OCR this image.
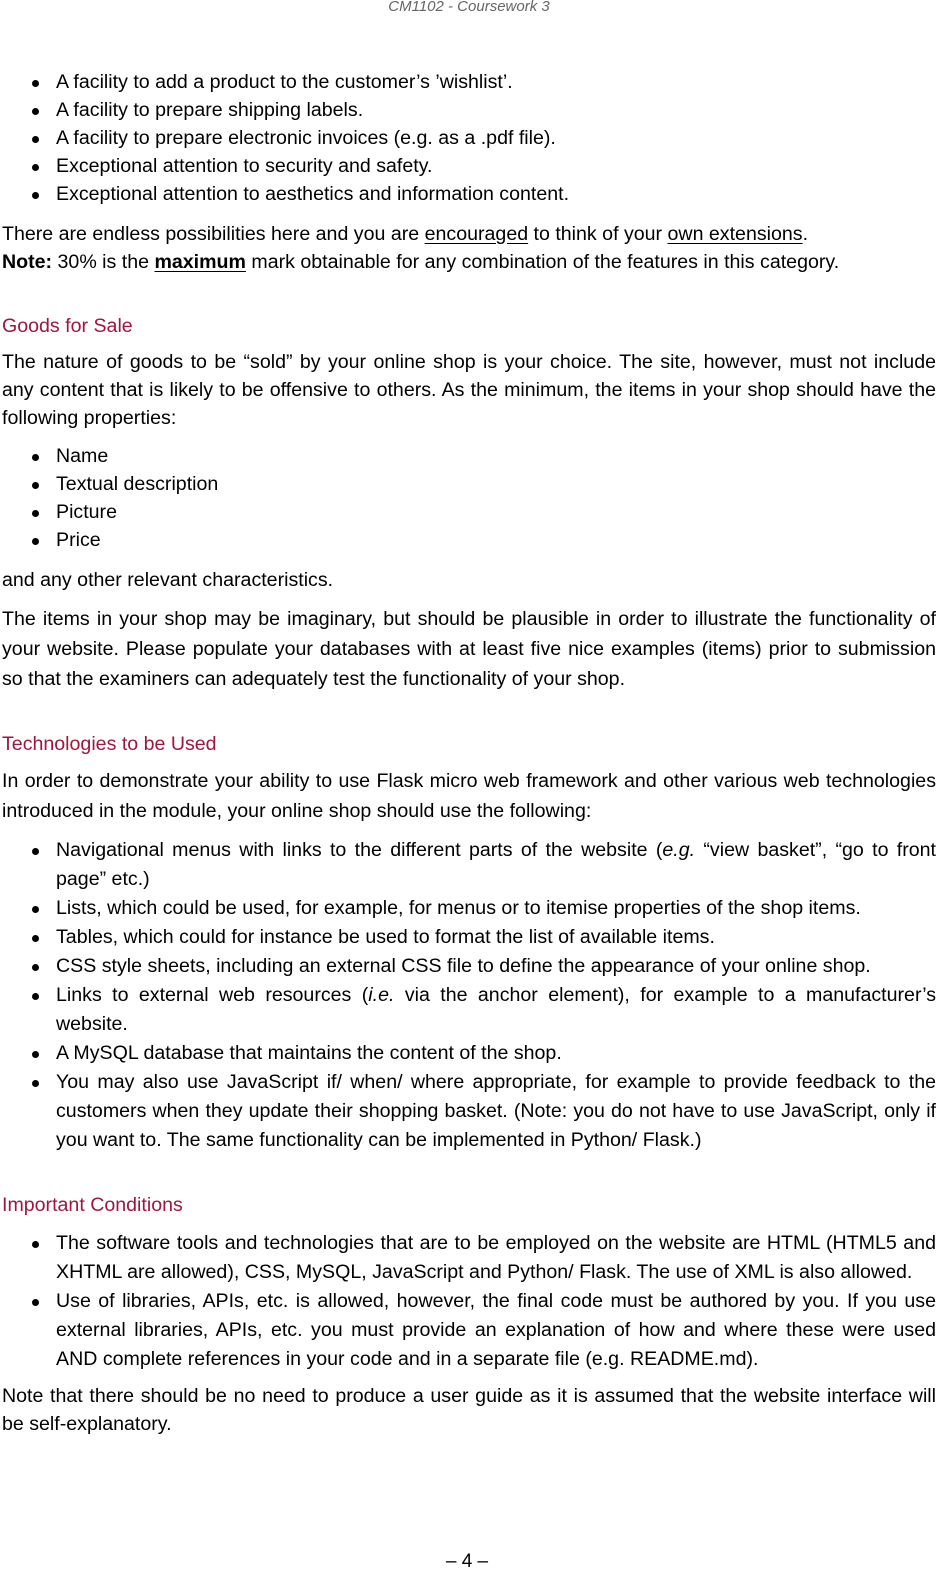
CM1102 - Coursework 3
A facility to add a product to the customer’s ’wishlist’.
A facility to prepare shipping labels.
A facility to prepare electronic invoices (e.g. as a .pdf file).
Exceptional attention to security and safety.
Exceptional attention to aesthetics and information content.

There are endless possibilities here and you are encouraged to think of your own extensions.

Note: 30% is the maximum mark obtainable for any combination of the features in this category.

Goods for Sale

The nature of goods to be “sold” by your online shop is your choice. The site, however, must not include any content that is likely to be offensive to others. As the minimum, the items in your shop should have the following properties:

Name
Textual description
Picture
Price

and any other relevant characteristics.

The items in your shop may be imaginary, but should be plausible in order to illustrate the functionality of your website. Please populate your databases with at least five nice examples (items) prior to submission so that the examiners can adequately test the functionality of your shop.

Technologies to be Used

In order to demonstrate your ability to use Flask micro web framework and other various web technologies introduced in the module, your online shop should use the following:

Navigational menus with links to the different parts of the website (e.g. “view basket”, “go to front page” etc.)
Lists, which could be used, for example, for menus or to itemise properties of the shop items.
Tables, which could for instance be used to format the list of available items.
CSS style sheets, including an external CSS file to define the appearance of your online shop.
Links to external web resources (i.e. via the anchor element), for example to a manufacturer’s website.
A MySQL database that maintains the content of the shop.
You may also use JavaScript if/ when/ where appropriate, for example to provide feedback to the customers when they update their shopping basket. (Note: you do not have to use JavaScript, only if you want to. The same functionality can be implemented in Python/ Flask.)
Important Conditions
The software tools and technologies that are to be employed on the website are HTML (HTML5 and XHTML are allowed), CSS, MySQL, JavaScript and Python/ Flask. The use of XML is also allowed.
Use of libraries, APIs, etc. is allowed, however, the final code must be authored by you. If you use external libraries, APIs, etc. you must provide an explanation of how and where these were used AND complete references in your code and in a separate file (e.g. README.md).

Note that there should be no need to produce a user guide as it is assumed that the website interface will be self-explanatory.

– 4 –
